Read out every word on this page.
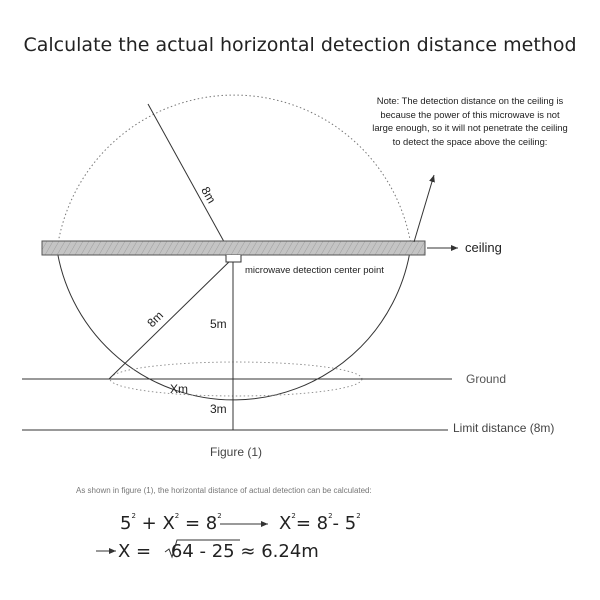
Calculate the actual horizontal detection distance method
8m
ceiling
microwave detection center point
8m	5m
Xm
3m
Ground
Limit distance (8m)
Note: The detection distance on the ceiling is because the power of this microwave is not large enough, so it will not penetrate the ceiling to detect the space above the ceiling:
Figure (1)
As shown in figure (1), the horizontal distance of actual detection can be calculated:
$5^2 + X^2 = 8^2$	$X^2= 8^2-$ $5^2$
X = 64 - 25 ≈ 6.24m
